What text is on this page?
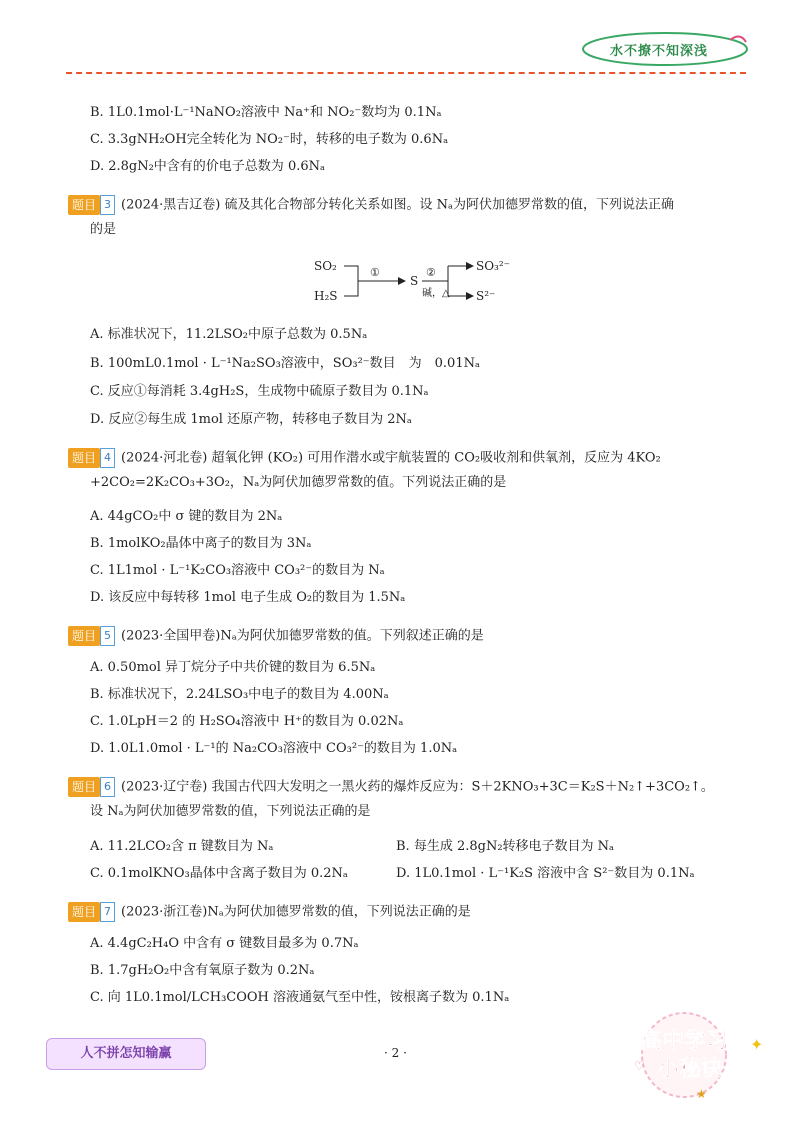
水不撩不知深浅
B. 1L0.1mol·L⁻¹NaNO₂溶液中 Na⁺和 NO₂⁻数均为 0.1Nₐ
C. 3.3gNH₂OH完全转化为 NO₂⁻时，转移的电子数为 0.6Nₐ
D. 2.8gN₂中含有的价电子总数为 0.6Nₐ
题目 3 (2024·黑吉辽卷) 硫及其化合物部分转化关系如图。设 Nₐ为阿伏加德罗常数的值，下列说法正确
的是
SO₂
H₂S
①
S
②
碱，△
SO₃²⁻
S²⁻
A. 标准状况下，11.2LSO₂中原子总数为 0.5Nₐ
B. 100mL0.1mol · L⁻¹Na₂SO₃溶液中，SO₃²⁻数目　为　0.01Nₐ
C. 反应①每消耗 3.4gH₂S，生成物中硫原子数目为 0.1Nₐ
D. 反应②每生成 1mol 还原产物，转移电子数目为 2Nₐ
题目 4 (2024·河北卷) 超氧化钾 (KO₂) 可用作潜水或宇航装置的 CO₂吸收剂和供氧剂，反应为 4KO₂
+2CO₂=2K₂CO₃+3O₂，Nₐ为阿伏加德罗常数的值。下列说法正确的是
A. 44gCO₂中 σ 键的数目为 2Nₐ
B. 1molKO₂晶体中离子的数目为 3Nₐ
C. 1L1mol · L⁻¹K₂CO₃溶液中 CO₃²⁻的数目为 Nₐ
D. 该反应中每转移 1mol 电子生成 O₂的数目为 1.5Nₐ
题目 5 (2023·全国甲卷)Nₐ为阿伏加德罗常数的值。下列叙述正确的是
A. 0.50mol 异丁烷分子中共价键的数目为 6.5Nₐ
B. 标准状况下，2.24LSO₃中电子的数目为 4.00Nₐ
C. 1.0LpH＝2 的 H₂SO₄溶液中 H⁺的数目为 0.02Nₐ
D. 1.0L1.0mol · L⁻¹的 Na₂CO₃溶液中 CO₃²⁻的数目为 1.0Nₐ
题目 6 (2023·辽宁卷) 我国古代四大发明之一黑火药的爆炸反应为：S＋2KNO₃+3C＝K₂S＋N₂↑+3CO₂↑。
设 Nₐ为阿伏加德罗常数的值，下列说法正确的是
A. 11.2LCO₂含 π 键数目为 Nₐ	B. 每生成 2.8gN₂转移电子数目为 Nₐ
C. 0.1molKNO₃晶体中含离子数目为 0.2Nₐ	D. 1L0.1mol · L⁻¹K₂S 溶液中含 S²⁻数目为 0.1Nₐ
题目 7 (2023·浙江卷)Nₐ为阿伏加德罗常数的值，下列说法正确的是
A. 4.4gC₂H₄O 中含有 σ 键数目最多为 0.7Nₐ
B. 1.7gH₂O₂中含有氧原子数为 0.2Nₐ
C. 向 1L0.1mol/LCH₃COOH 溶液通氨气至中性，铵根离子数为 0.1Nₐ
人不拼怎知输赢	· 2 ·	高中学习
小秘诀
✦
★
♡
